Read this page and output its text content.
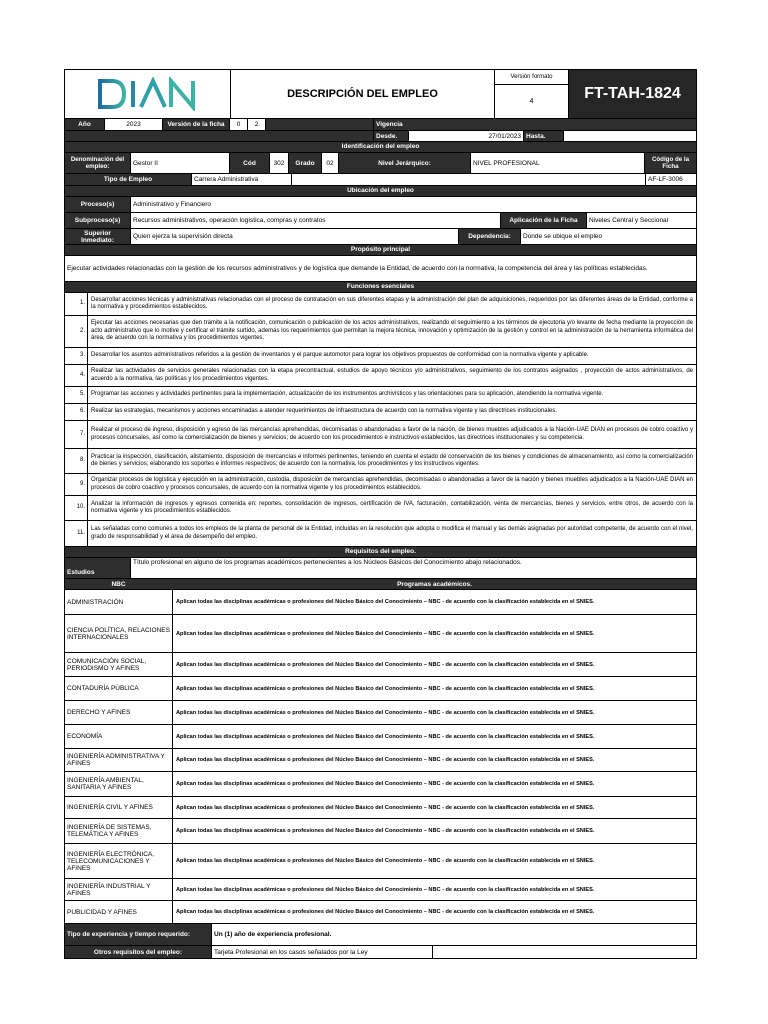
DESCRIPCIÓN DEL EMPLEO
Versión formato
4	FT-TAH-1824
Año	2023	Versión de la ficha	0	2	Vigencia
Desde.	27/01/2023 Hasta.
Identificación del empleo
Denominación del empleo:	Gestor II	Cód	302	Grado	02	Nivel Jerárquico:	NIVEL PROFESIONAL	Código de la Ficha
Tipo de Empleo	Carrera Administrativa	AF-LF-3006
Ubicación del empleo
Proceso(s)	Administrativo y Financiero
Subproceso(s)	Recursos administrativos, operación logística, compras y contratos	Aplicación de la Ficha	Niveles Central y Seccional
Superior Inmediato:	Quien ejerza la supervisión directa	Dependencia:	Donde se ubique el empleo
Propósito principal
Ejecutar actividades relacionadas con la gestión de los recursos administrativos y de logística que demande la Entidad, de acuerdo con la normativa, la competencia del área y las políticas establecidas.
Funciones esenciales
1.
Desarrollar acciones técnicas y administrativas relacionadas con el proceso de contratación en sus diferentes etapas y la administración del plan de adquisiciones, requeridos por las diferentes áreas de la Entidad, conforme a la normativa y procedimientos establecidos.
2.
Ejecutar las acciones necesarias que den trámite a la notificación, comunicación o publicación de los actos administrativos, realizando el seguimiento a los términos de ejecutoria y/o levante de fecha mediante la proyección de acto administrativo que lo motive y certificar el trámite surtido, además los requerimientos que permitan la mejora técnica, innovación y optimización de la gestión y control en la administración de la herramienta informática del área, de acuerdo con la normativa y los procedimientos vigentes.
3.	Desarrollar los asuntos administrativos referidos a la gestión de inventarios y el parque automotor para lograr los objetivos propuestos de conformidad con la normativa vigente y aplicable.
4.
Realizar las actividades de servicios generales relacionadas con la etapa precontractual, estudios de apoyo técnicos y/o administrativos, seguimiento de los contratos asignados , proyección de actos administrativos, de acuerdo a la normativa, las políticas y los procedimientos vigentes.
5.	Programar las acciones y actividades pertinentes para la implementación, actualización de los instrumentos archivísticos y las orientaciones para su aplicación, atendiendo la normativa vigente.
6.	Realizar las estrategias, mecanismos y acciones encaminadas a atender requerimientos de infraestructura de acuerdo con la normativa vigente y las directrices institucionales.
7.
Realizar el proceso de ingreso, disposición y egreso de las mercancías aprehendidas, decomisadas o abandonadas a favor de la nación, de bienes muebles adjudicados a la Nación-UAE DIAN en procesos de cobro coactivo y procesos concursales, así como la comercialización de bienes y servicios; de acuerdo con los procedimientos e instructivos establecidos, las directrices institucionales y su competencia.
8.
Practicar la inspección, clasificación, alistamiento, disposición de mercancías e informes pertinentes, teniendo en cuenta el estado de conservación de los bienes y condiciones de almacenamiento, así como la comercialización de bienes y servicios; elaborando los soportes e informes respectivos; de acuerdo con la normativa, los procedimientos y los instructivos vigentes.
9.
Organizar procesos de logística y ejecución en la administración, custodia, disposición de mercancías aprehendidas, decomisadas o abandonadas a favor de la nación y bienes muebles adjudicados a la Nación-UAE DIAN en procesos de cobro coactivo y procesos concursales, de acuerdo con la normativa vigente y los procedimientos establecidos.
10.
Analizar la información de ingresos y egresos contenida en: reportes, consolidación de ingresos, certificación de IVA, facturación, contabilización, venta de mercancías, bienes y servicios, entre otros, de acuerdo con la normativa vigente y los procedimientos establecidos.
11.
Las señaladas como comunes a todos los empleos de la planta de personal de la Entidad, incluidas en la resolución que adopta o modifica el manual y las demás asignadas por autoridad competente, de acuerdo con el nivel, grado de responsabilidad y el área de desempeño del empleo.
Requisitos del empleo.
Estudios
Título profesional en alguno de los programas académicos pertenecientes a los Núcleos Básicos del Conocimiento abajo relacionados.
NBC	Programas académicos.
ADMINISTRACIÓN	Aplican todas las disciplinas académicas o profesiones del Núcleo Básico del Conocimiento – NBC - de acuerdo con la clasificación establecida en el SNIES.
CIENCIA POLÍTICA, RELACIONES INTERNACIONALES	Aplican todas las disciplinas académicas o profesiones del Núcleo Básico del Conocimiento – NBC - de acuerdo con la clasificación establecida en el SNIES.
COMUNICACIÓN SOCIAL, PERIODISMO Y AFINES	Aplican todas las disciplinas académicas o profesiones del Núcleo Básico del Conocimiento – NBC - de acuerdo con la clasificación establecida en el SNIES.
CONTADURÍA PÚBLICA	Aplican todas las disciplinas académicas o profesiones del Núcleo Básico del Conocimiento – NBC - de acuerdo con la clasificación establecida en el SNIES.
DERECHO Y AFINES	Aplican todas las disciplinas académicas o profesiones del Núcleo Básico del Conocimiento – NBC - de acuerdo con la clasificación establecida en el SNIES.
ECONOMÍA	Aplican todas las disciplinas académicas o profesiones del Núcleo Básico del Conocimiento – NBC - de acuerdo con la clasificación establecida en el SNIES.
INGENIERÍA ADMINISTRATIVA Y AFINES	Aplican todas las disciplinas académicas o profesiones del Núcleo Básico del Conocimiento – NBC - de acuerdo con la clasificación establecida en el SNIES.
INGENIERÍA AMBIENTAL, SANITARIA Y AFINES	Aplican todas las disciplinas académicas o profesiones del Núcleo Básico del Conocimiento – NBC - de acuerdo con la clasificación establecida en el SNIES.
INGENIERÍA CIVIL Y AFINES	Aplican todas las disciplinas académicas o profesiones del Núcleo Básico del Conocimiento – NBC - de acuerdo con la clasificación establecida en el SNIES.
INGENIERÍA DE SISTEMAS, TELEMÁTICA Y AFINES	Aplican todas las disciplinas académicas o profesiones del Núcleo Básico del Conocimiento – NBC - de acuerdo con la clasificación establecida en el SNIES.
INGENIERÍA ELECTRÓNICA, TELECOMUNICACIONES Y AFINES
Aplican todas las disciplinas académicas o profesiones del Núcleo Básico del Conocimiento – NBC - de acuerdo con la clasificación establecida en el SNIES.
INGENIERÍA INDUSTRIAL Y AFINES	Aplican todas las disciplinas académicas o profesiones del Núcleo Básico del Conocimiento – NBC - de acuerdo con la clasificación establecida en el SNIES.
PUBLICIDAD Y AFINES	Aplican todas las disciplinas académicas o profesiones del Núcleo Básico del Conocimiento – NBC - de acuerdo con la clasificación establecida en el SNIES.
Tipo de experiencia y tiempo requerido:	Un (1) año de experiencia profesional.
Otros requisitos del empleo:	Tarjeta Profesional en los casos señalados por la Ley
